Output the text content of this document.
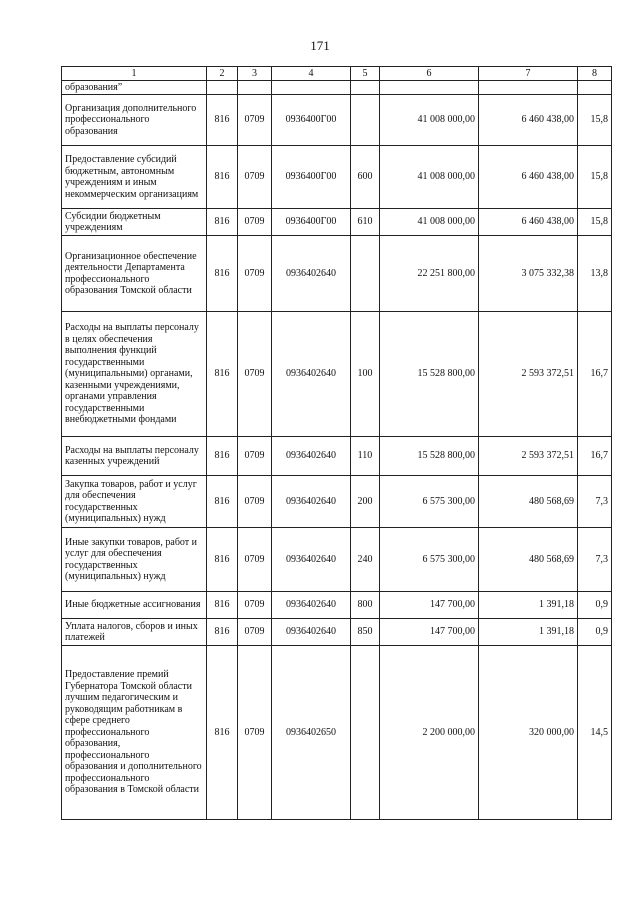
171
1	2	3	4	5	6	7	8
образования”							
Организация дополнительного профессионального образования	816	0709	0936400Г00		41 008 000,00	6 460 438,00	15,8
Предоставление субсидий бюджетным, автономным учреждениям и иным некоммерческим организациям	816	0709	0936400Г00	600	41 008 000,00	6 460 438,00	15,8
Субсидии бюджетным учреждениям	816	0709	0936400Г00	610	41 008 000,00	6 460 438,00	15,8
Организационное обеспечение деятельности Департамента профессионального образования Томской области	816	0709	0936402640		22 251 800,00	3 075 332,38	13,8
Расходы на выплаты персоналу в целях обеспечения выполнения функций государственными (муниципальными) органами, казенными учреждениями, органами управления государственными внебюджетными фондами	816	0709	0936402640	100	15 528 800,00	2 593 372,51	16,7
Расходы на выплаты персоналу казенных учреждений	816	0709	0936402640	110	15 528 800,00	2 593 372,51	16,7
Закупка товаров, работ и услуг для обеспечения государственных (муниципальных) нужд	816	0709	0936402640	200	6 575 300,00	480 568,69	7,3
Иные закупки товаров, работ и услуг для обеспечения государственных (муниципальных) нужд	816	0709	0936402640	240	6 575 300,00	480 568,69	7,3
Иные бюджетные ассигнования	816	0709	0936402640	800	147 700,00	1 391,18	0,9
Уплата налогов, сборов и иных платежей	816	0709	0936402640	850	147 700,00	1 391,18	0,9
Предоставление премий Губернатора Томской области лучшим педагогическим и руководящим работникам в сфере среднего профессионального образования, профессионального образования и дополнительного профессионального образования в Томской области	816	0709	0936402650		2 200 000,00	320 000,00	14,5
